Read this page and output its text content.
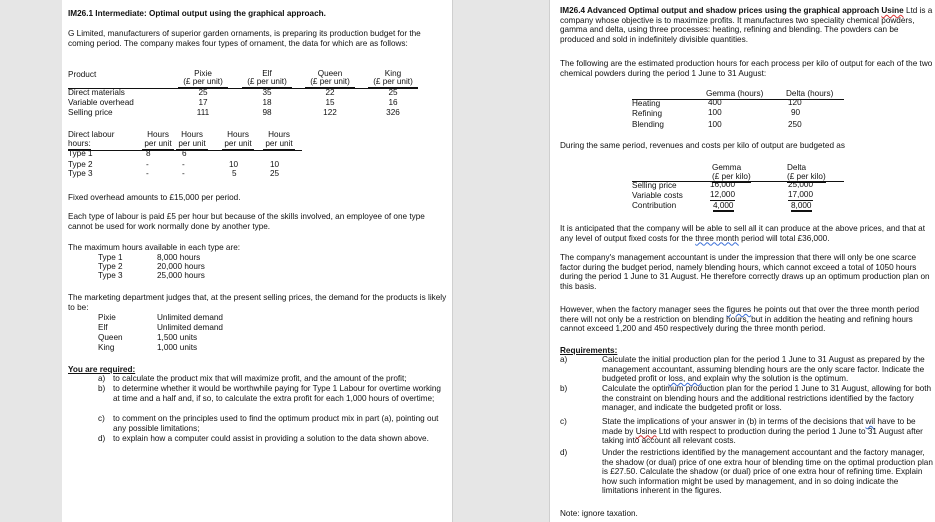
IM26.1 Intermediate: Optimal output using the graphical approach.
G Limited, manufacturers of superior garden ornaments, is preparing its production budget for the coming period. The company makes four types of ornament, the data for which are as follows:
Product	Pixie	Elf	Queen	King
(£ per unit)	(£ per unit)	(£ per unit)	(£ per unit)
Direct materials	25	35	22	25
Variable overhead	17	18	15	16
Selling price	111	98	122	326
Direct labour
hours:
Hours	Hours	Hours	Hours
per unit per unit per unit per unit
Type 1	8	6
Type 2	-	-	10	10
Type 3	-	-	5	25
Fixed overhead amounts to £15,000 per period.
Each type of labour is paid £5 per hour but because of the skills involved, an employee of one type cannot be used for work normally done by another type.
The maximum hours available in each type are:
Type 1	8,000 hours
Type 2	20,000 hours
Type 3	25,000 hours
The marketing department judges that, at the present selling prices, the demand for the products is likely to be:
Pixie	Unlimited demand
Elf	Unlimited demand
Queen	1,500 units
King	1,000 units
You are required:
a) to calculate the product mix that will maximize profit, and the amount of the profit;
b) to determine whether it would be worthwhile paying for Type 1 Labour for overtime working at time and a half and, if so, to calculate the extra profit for each 1,000 hours of overtime;
c) to comment on the principles used to find the optimum product mix in part (a), pointing out any possible limitations;
d) to explain how a computer could assist in providing a solution to the data shown above.
IM26.4 Advanced Optimal output and shadow prices using the graphical approach Usine Ltd is a company whose objective is to maximize profits. It manufactures two speciality chemical powders, gamma and delta, using three processes: heating, refining and blending. The powders can be produced and sold in indefinitely divisible quantities.
The following are the estimated production hours for each process per kilo of output for each of the two chemical powders during the period 1 June to 31 August:
Gemma (hours)	Delta (hours)
Heating	400	120
Refining	100	90
Blending	100	250
During the same period, revenues and costs per kilo of output are budgeted as
Gemma	Delta
(£ per kilo)	(£ per kilo)
Selling price	16,000	25,000
Variable costs	12,000	17,000
Contribution	4,000	8,000
It is anticipated that the company will be able to sell all it can produce at the above prices, and that at any level of output fixed costs for the three month period will total £36,000.
The company's management accountant is under the impression that there will only be one scarce factor during the budget period, namely blending hours, which cannot exceed a total of 1050 hours during the period 1 June to 31 August. He therefore correctly draws up an optimum production plan on this basis.
However, when the factory manager sees the figures he points out that over the three month period there will not only be a restriction on blending hours, but in addition the heating and refining hours cannot exceed 1,200 and 450 respectively during the three month period.
Requirements:
a)	Calculate the initial production plan for the period 1 June to 31 August as prepared by the management accountant, assuming blending hours are the only scare factor. Indicate the budgeted profit or loss, and explain why the solution is the optimum.
b)	Calculate the optimum production plan for the period 1 June to 31 August, allowing for both the constraint on blending hours and the additional restrictions identified by the factory manager, and indicate the budgeted profit or loss.
c)	State the implications of your answer in (b) in terms of the decisions that wil have to be made by Usine Ltd with respect to production during the period 1 June to 31 August after taking into account all relevant costs.
d)	Under the restrictions identified by the management accountant and the factory manager, the shadow (or dual) price of one extra hour of blending time on the optimal production plan is £27.50. Calculate the shadow (or dual) price of one extra hour of refining time. Explain how such information might be used by management, and in so doing indicate the limitations inherent in the figures.
Note: ignore taxation.
